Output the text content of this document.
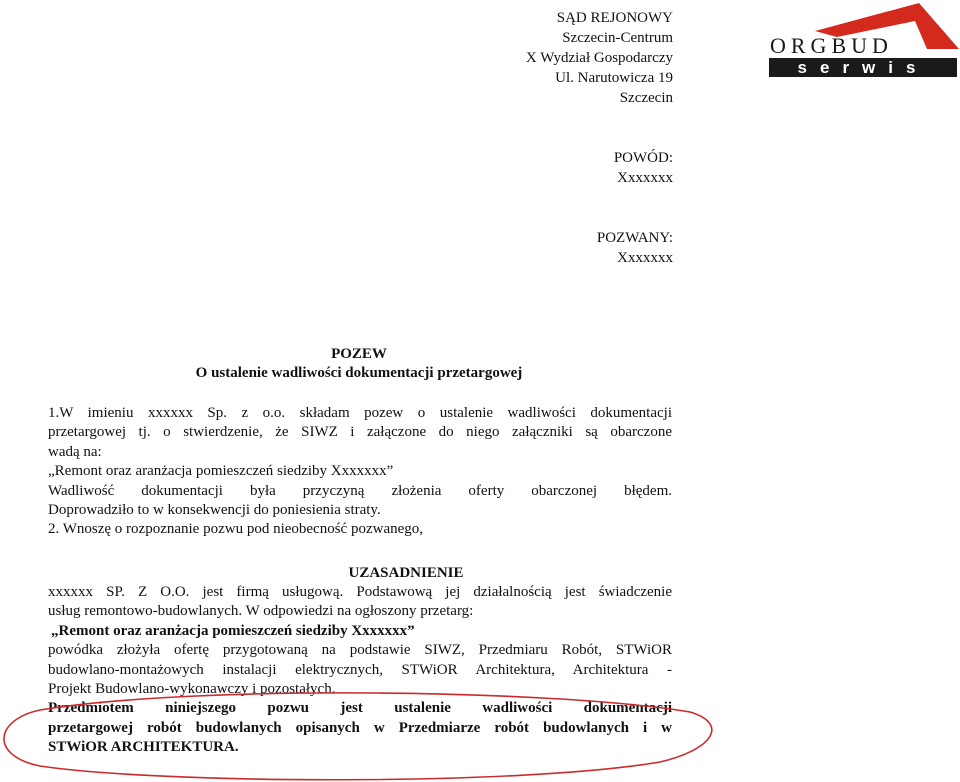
SĄD REJONOWY
Szczecin-Centrum
X Wydział Gospodarczy
Ul. Narutowicza 19
Szczecin
ORGBUD
serwis
POWÓD:
Xxxxxxx
POZWANY:
Xxxxxxx
POZEW
O ustalenie wadliwości dokumentacji przetargowej

1.W imieniu xxxxxx Sp. z o.o. składam pozew o ustalenie wadliwości dokumentacji

przetargowej tj. o stwierdzenie, że SIWZ i załączone do niego załączniki są obarczone

wadą na:

„Remont oraz aranżacja pomieszczeń siedziby Xxxxxxx”

Wadliwość dokumentacji była przyczyną złożenia oferty obarczonej błędem.

Doprowadziło to w konsekwencji do poniesienia straty.

2. Wnoszę o rozpoznanie pozwu pod nieobecność pozwanego,

UZASADNIENIE

xxxxxx SP. Z O.O. jest firmą usługową. Podstawową jej działalnością jest świadczenie

usług remontowo-budowlanych. W odpowiedzi na ogłoszony przetarg:

„Remont oraz aranżacja pomieszczeń siedziby Xxxxxxx”

powódka złożyła ofertę przygotowaną na podstawie SIWZ, Przedmiaru Robót, STWiOR

budowlano-montażowych instalacji elektrycznych, STWiOR Architektura, Architektura -

Projekt Budowlano-wykonawczy i pozostałych.

Przedmiotem niniejszego pozwu jest ustalenie wadliwości dokumentacji

przetargowej robót budowlanych opisanych w Przedmiarze robót budowlanych i w

STWiOR ARCHITEKTURA.
